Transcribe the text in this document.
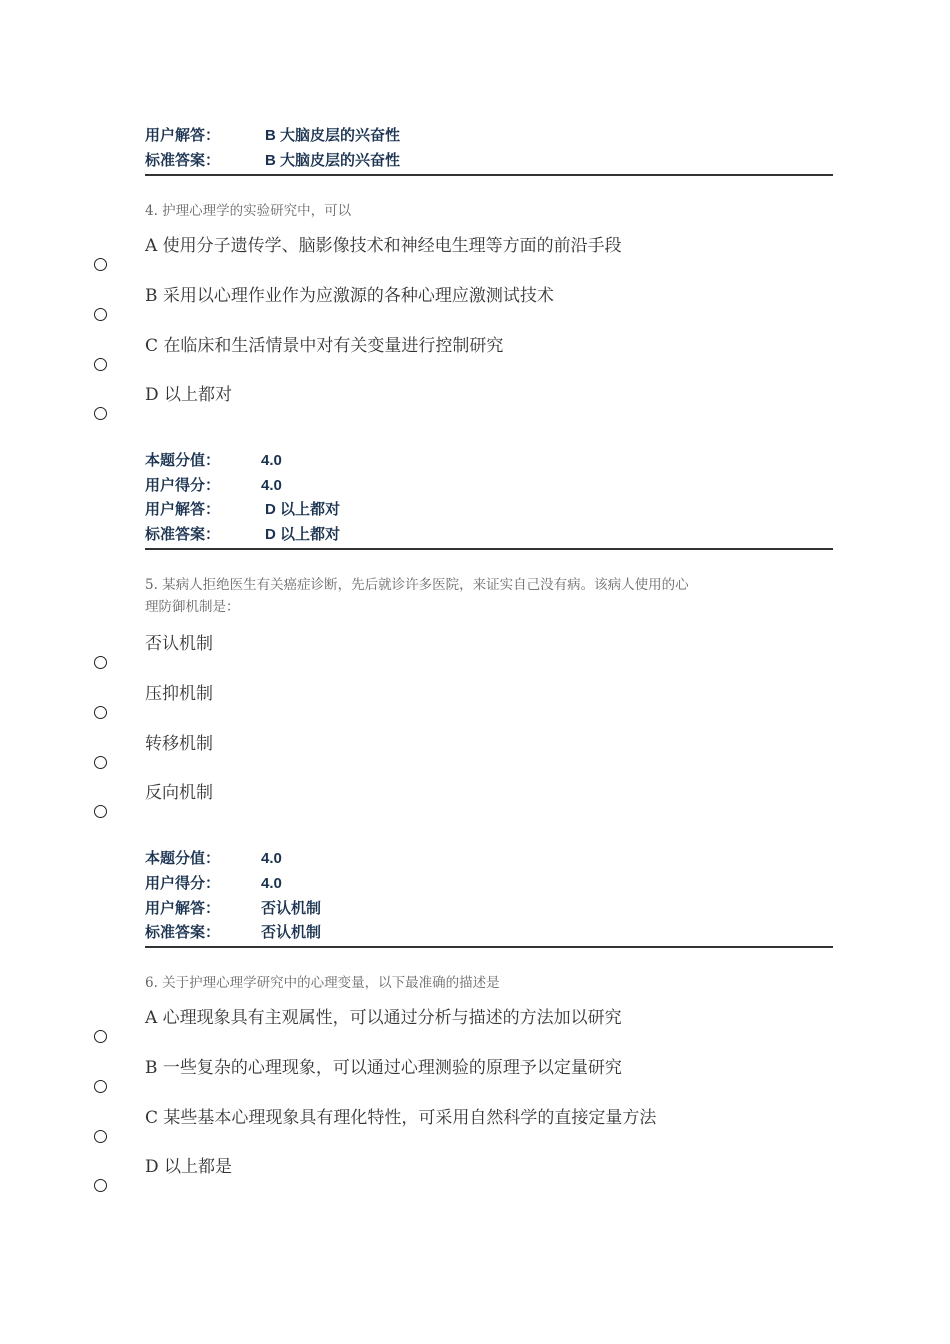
用户解答：	B 大脑皮层的兴奋性
标准答案：	B 大脑皮层的兴奋性
4. 护理心理学的实验研究中，可以
A 使用分子遗传学、脑影像技术和神经电生理等方面的前沿手段
B 采用以心理作业作为应激源的各种心理应激测试技术
C 在临床和生活情景中对有关变量进行控制研究
D 以上都对
本题分值：	4.0
用户得分：	4.0
用户解答：	D 以上都对
标准答案：	D 以上都对
5. 某病人拒绝医生有关癌症诊断，先后就诊许多医院，来证实自己没有病。该病人使用的心
理防御机制是：
否认机制
压抑机制
转移机制
反向机制
本题分值：	4.0
用户得分：	4.0
用户解答：	否认机制
标准答案：	否认机制
6. 关于护理心理学研究中的心理变量，以下最准确的描述是
A 心理现象具有主观属性，可以通过分析与描述的方法加以研究
B 一些复杂的心理现象，可以通过心理测验的原理予以定量研究
C 某些基本心理现象具有理化特性，可采用自然科学的直接定量方法
D 以上都是
